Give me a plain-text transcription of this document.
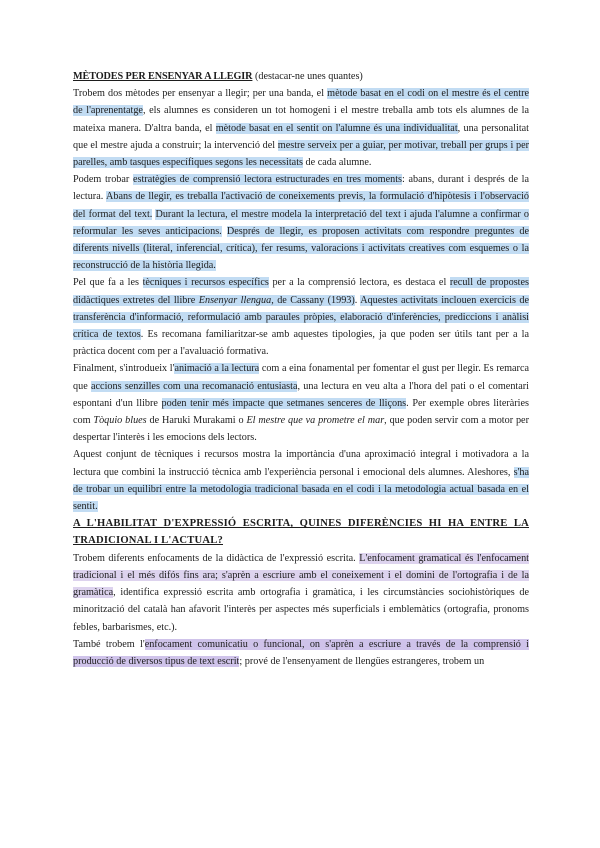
MÈTODES PER ENSENYAR A LLEGIR (destacar-ne unes quantes)

Trobem dos mètodes per ensenyar a llegir; per una banda, el mètode basat en el codi on el mestre és el centre de l'aprenentatge, els alumnes es consideren un tot homogeni i el mestre treballa amb tots els alumnes de la mateixa manera. D'altra banda, el mètode basat en el sentit on l'alumne és una individualitat, una personalitat que el mestre ajuda a construir; la intervenció del mestre serveix per a guiar, per motivar, treball per grups i per parelles, amb tasques específiques segons les necessitats de cada alumne.

Podem trobar estratègies de comprensió lectora estructurades en tres moments: abans, durant i després de la lectura. Abans de llegir, es treballa l'activació de coneixements previs, la formulació d'hipòtesis i l'observació del format del text. Durant la lectura, el mestre modela la interpretació del text i ajuda l'alumne a confirmar o reformular les seves anticipacions. Després de llegir, es proposen activitats com respondre preguntes de diferents nivells (literal, inferencial, crítica), fer resums, valoracions i activitats creatives com esquemes o la reconstrucció de la història llegida.

Pel que fa a les tècniques i recursos específics per a la comprensió lectora, es destaca el recull de propostes didàctiques extretes del llibre Ensenyar llengua, de Cassany (1993). Aquestes activitats inclouen exercicis de transferència d'informació, reformulació amb paraules pròpies, elaboració d'inferències, prediccions i anàlisi crítica de textos. Es recomana familiaritzar-se amb aquestes tipologies, ja que poden ser útils tant per a la pràctica docent com per a l'avaluació formativa.

Finalment, s'introdueix l'animació a la lectura com a eina fonamental per fomentar el gust per llegir. Es remarca que accions senzilles com una recomanació entusiasta, una lectura en veu alta a l'hora del pati o el comentari espontani d'un llibre poden tenir més impacte que setmanes senceres de lliçons. Per exemple obres literàries com Tòquio blues de Haruki Murakami o El mestre que va prometre el mar, que poden servir com a motor per despertar l'interès i les emocions dels lectors.

Aquest conjunt de tècniques i recursos mostra la importància d'una aproximació integral i motivadora a la lectura que combini la instrucció tècnica amb l'experiència personal i emocional dels alumnes. Aleshores, s'ha de trobar un equilibri entre la metodologia tradicional basada en el codi i la metodologia actual basada en el sentit.

A L'HABILITAT D'EXPRESSIÓ ESCRITA, QUINES DIFERÈNCIES HI HA ENTRE LA TRADICIONAL I L'ACTUAL?

Trobem diferents enfocaments de la didàctica de l'expressió escrita. L'enfocament gramatical és l'enfocament tradicional i el més difós fins ara; s'aprèn a escriure amb el coneixement i el domini de l'ortografia i de la gramàtica, identifica expressió escrita amb ortografia i gramàtica, i les circumstàncies sociohistòriques de minorització del català han afavorit l'interès per aspectes més superficials i emblemàtics (ortografia, pronoms febles, barbarismes, etc.).

També trobem l'enfocament comunicatiu o funcional, on s'aprèn a escriure a través de la comprensió i producció de diversos tipus de text escrit; prové de l'ensenyament de llengües estrangeres, trobem un
